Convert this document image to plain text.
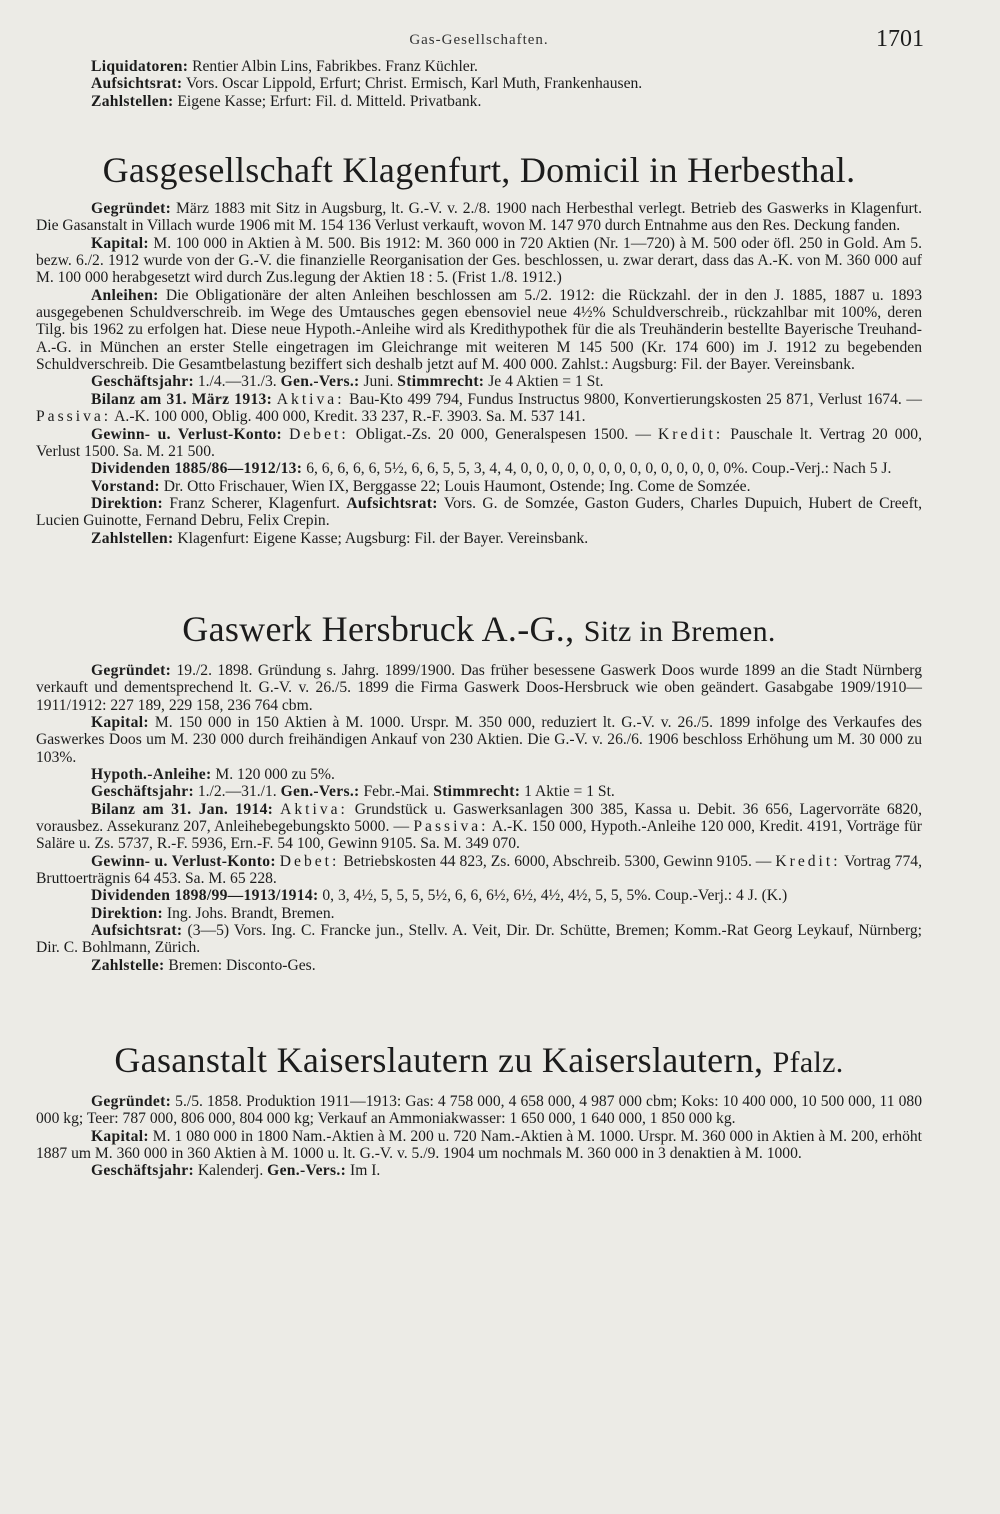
Gas-Gesellschaften.	1701

Liquidatoren: Rentier Albin Lins, Fabrikbes. Franz Küchler.

Aufsichtsrat: Vors. Oscar Lippold, Erfurt; Christ. Ermisch, Karl Muth, Frankenhausen.

Zahlstellen: Eigene Kasse; Erfurt: Fil. d. Mitteld. Privatbank.

Gasgesellschaft Klagenfurt, Domicil in Herbesthal.

Gegründet: März 1883 mit Sitz in Augsburg, lt. G.-V. v. 2./8. 1900 nach Herbesthal verlegt. Betrieb des Gaswerks in Klagenfurt. Die Gasanstalt in Villach wurde 1906 mit M. 154 136 Verlust verkauft, wovon M. 147 970 durch Entnahme aus den Res. Deckung fanden.

Kapital: M. 100 000 in Aktien à M. 500. Bis 1912: M. 360 000 in 720 Aktien (Nr. 1—720) à M. 500 oder öfl. 250 in Gold. Am 5. bezw. 6./2. 1912 wurde von der G.-V. die finanzielle Reorganisation der Ges. beschlossen, u. zwar derart, dass das A.-K. von M. 360 000 auf M. 100 000 herabgesetzt wird durch Zus.legung der Aktien 18 : 5. (Frist 1./8. 1912.)

Anleihen: Die Obligationäre der alten Anleihen beschlossen am 5./2. 1912: die Rückzahl. der in den J. 1885, 1887 u. 1893 ausgegebenen Schuldverschreib. im Wege des Umtausches gegen ebensoviel neue 4½% Schuldverschreib., rückzahlbar mit 100%, deren Tilg. bis 1962 zu erfolgen hat. Diese neue Hypoth.-Anleihe wird als Kredithypothek für die als Treuhänderin bestellte Bayerische Treuhand-A.-G. in München an erster Stelle eingetragen im Gleichrange mit weiteren M 145 500 (Kr. 174 600) im J. 1912 zu begebenden Schuldverschreib. Die Gesamtbelastung beziffert sich deshalb jetzt auf M. 400 000. Zahlst.: Augsburg: Fil. der Bayer. Vereinsbank.

Geschäftsjahr: 1./4.—31./3. Gen.-Vers.: Juni. Stimmrecht: Je 4 Aktien = 1 St.

Bilanz am 31. März 1913: Aktiva: Bau-Kto 499 794, Fundus Instructus 9800, Konvertierungskosten 25 871, Verlust 1674. — Passiva: A.-K. 100 000, Oblig. 400 000, Kredit. 33 237, R.-F. 3903. Sa. M. 537 141.

Gewinn- u. Verlust-Konto: Debet: Obligat.-Zs. 20 000, Generalspesen 1500. — Kredit: Pauschale lt. Vertrag 20 000, Verlust 1500. Sa. M. 21 500.

Dividenden 1885/86—1912/13: 6, 6, 6, 6, 6, 5½, 6, 6, 5, 5, 3, 4, 4, 0, 0, 0, 0, 0, 0, 0, 0, 0, 0, 0, 0, 0, 0%. Coup.-Verj.: Nach 5 J.

Vorstand: Dr. Otto Frischauer, Wien IX, Berggasse 22; Louis Haumont, Ostende; Ing. Come de Somzée.

Direktion: Franz Scherer, Klagenfurt. Aufsichtsrat: Vors. G. de Somzée, Gaston Guders, Charles Dupuich, Hubert de Creeft, Lucien Guinotte, Fernand Debru, Felix Crepin.

Zahlstellen: Klagenfurt: Eigene Kasse; Augsburg: Fil. der Bayer. Vereinsbank.

Gaswerk Hersbruck A.-G., Sitz in Bremen.

Gegründet: 19./2. 1898. Gründung s. Jahrg. 1899/1900. Das früher besessene Gaswerk Doos wurde 1899 an die Stadt Nürnberg verkauft und dementsprechend lt. G.-V. v. 26./5. 1899 die Firma Gaswerk Doos-Hersbruck wie oben geändert. Gasabgabe 1909/1910—1911/1912: 227 189, 229 158, 236 764 cbm.

Kapital: M. 150 000 in 150 Aktien à M. 1000. Urspr. M. 350 000, reduziert lt. G.-V. v. 26./5. 1899 infolge des Verkaufes des Gaswerkes Doos um M. 230 000 durch freihändigen Ankauf von 230 Aktien. Die G.-V. v. 26./6. 1906 beschloss Erhöhung um M. 30 000 zu 103%.

Hypoth.-Anleihe: M. 120 000 zu 5%.

Geschäftsjahr: 1./2.—31./1. Gen.-Vers.: Febr.-Mai. Stimmrecht: 1 Aktie = 1 St.

Bilanz am 31. Jan. 1914: Aktiva: Grundstück u. Gaswerksanlagen 300 385, Kassa u. Debit. 36 656, Lagervorräte 6820, vorausbez. Assekuranz 207, Anleihebegebungskto 5000. — Passiva: A.-K. 150 000, Hypoth.-Anleihe 120 000, Kredit. 4191, Vorträge für Saläre u. Zs. 5737, R.-F. 5936, Ern.-F. 54 100, Gewinn 9105. Sa. M. 349 070.

Gewinn- u. Verlust-Konto: Debet: Betriebskosten 44 823, Zs. 6000, Abschreib. 5300, Gewinn 9105. — Kredit: Vortrag 774, Bruttoerträgnis 64 453. Sa. M. 65 228.

Dividenden 1898/99—1913/1914: 0, 3, 4½, 5, 5, 5, 5½, 6, 6, 6½, 6½, 4½, 4½, 5, 5, 5%. Coup.-Verj.: 4 J. (K.)

Direktion: Ing. Johs. Brandt, Bremen.

Aufsichtsrat: (3—5) Vors. Ing. C. Francke jun., Stellv. A. Veit, Dir. Dr. Schütte, Bremen; Komm.-Rat Georg Leykauf, Nürnberg; Dir. C. Bohlmann, Zürich.

Zahlstelle: Bremen: Disconto-Ges.

Gasanstalt Kaiserslautern zu Kaiserslautern, Pfalz.

Gegründet: 5./5. 1858. Produktion 1911—1913: Gas: 4 758 000, 4 658 000, 4 987 000 cbm; Koks: 10 400 000, 10 500 000, 11 080 000 kg; Teer: 787 000, 806 000, 804 000 kg; Verkauf an Ammoniakwasser: 1 650 000, 1 640 000, 1 850 000 kg.

Kapital: M. 1 080 000 in 1800 Nam.-Aktien à M. 200 u. 720 Nam.-Aktien à M. 1000. Urspr. M. 360 000 in Aktien à M. 200, erhöht 1887 um M. 360 000 in 360 Aktien à M. 1000 u. lt. G.-V. v. 5./9. 1904 um nochmals M. 360 000 in 3 denaktien à M. 1000.

Geschäftsjahr: Kalenderj. Gen.-Vers.: Im I.
